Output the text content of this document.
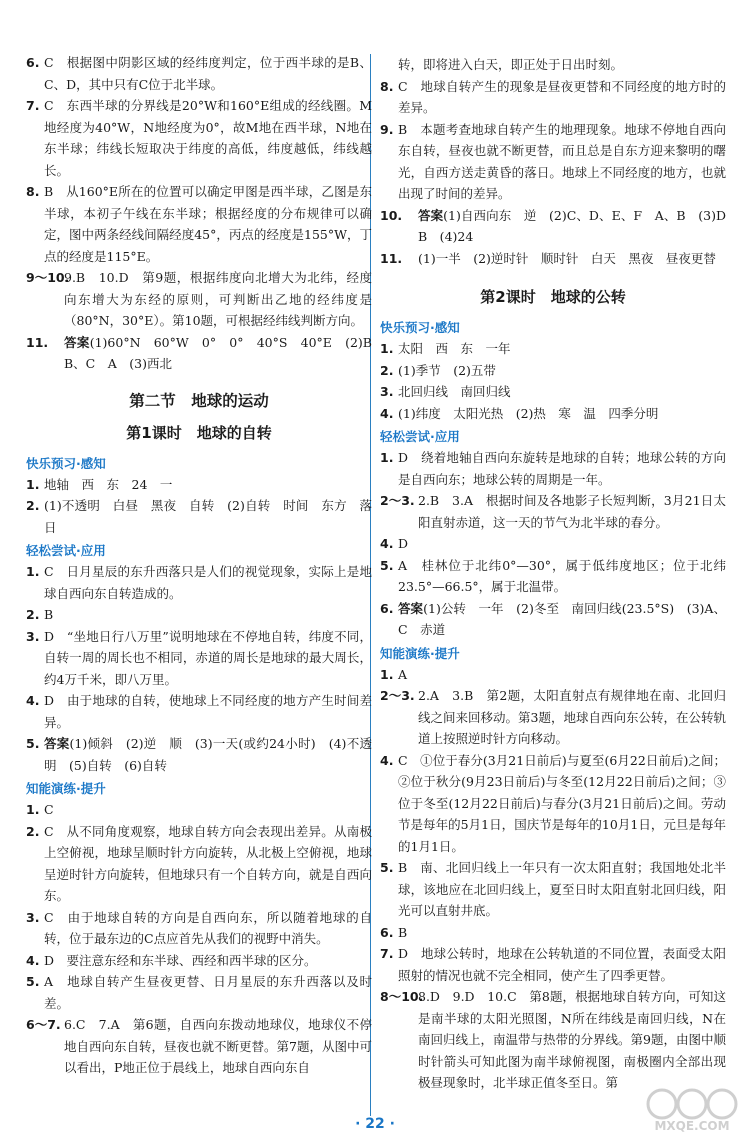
6. C　根据图中阴影区域的经纬度判定，位于西半球的是B、C、D，其中只有C位于北半球。
7. C　东西半球的分界线是20°W和160°E组成的经线圈。M地经度为40°W，N地经度为0°，故M地在西半球，N地在东半球；纬线长短取决于纬度的高低，纬度越低，纬线越长。
8. B　从160°E所在的位置可以确定甲图是西半球，乙图是东半球，本初子午线在东半球；根据经度的分布规律可以确定，图中两条经线间隔经度45°，丙点的经度是155°W，丁点的经度是115°E。
9～10.
9.B　10.D　第9题，根据纬度向北增大为北纬，经度向东增大为东经的原则，可判断出乙地的经纬度是（80°N，30°E）。第10题，可根据经纬线判断方向。
11. 答案(1)60°N　60°W　0°　0°　40°S　40°E　(2)B　B、C　A　(3)西北
第二节　地球的运动
第1课时　地球的自转
快乐预习·感知
1. 地轴　西　东　24　一
2. (1)不透明　白昼　黑夜　自转　(2)自转　时间　东方　落日
轻松尝试·应用
1. C　日月星辰的东升西落只是人们的视觉现象，实际上是地球自西向东自转造成的。
2. B
3. D　“坐地日行八万里”说明地球在不停地自转，纬度不同，自转一周的周长也不相同，赤道的周长是地球的最大周长，约4万千米，即八万里。
4. D　由于地球的自转，使地球上不同经度的地方产生时间差异。
5. 答案(1)倾斜　(2)逆　顺　(3)一天(或约24小时)　(4)不透明　(5)自转　(6)自转
知能演练·提升
1. C
2. C　从不同角度观察，地球自转方向会表现出差异。从南极上空俯视，地球呈顺时针方向旋转，从北极上空俯视，地球呈逆时针方向旋转，但地球只有一个自转方向，就是自西向东。
3. C　由于地球自转的方向是自西向东，所以随着地球的自转，位于最东边的C点应首先从我们的视野中消失。
4. D　要注意东经和东半球、西经和西半球的区分。
5. A　地球自转产生昼夜更替、日月星辰的东升西落以及时差。
6～7. 6.C　7.A　第6题，自西向东拨动地球仪，地球仪不停地自西向东自转，昼夜也就不断更替。第7题，从图中可以看出，P地正位于晨线上，地球自西向东自
转，即将进入白天，即正处于日出时刻。
8. C　地球自转产生的现象是昼夜更替和不同经度的地方时的差异。
9. B　本题考查地球自转产生的地理现象。地球不停地自西向东自转，昼夜也就不断更替，而且总是自东方迎来黎明的曙光，自西方送走黄昏的落日。地球上不同经度的地方，也就出现了时间的差异。
10. 答案(1)自西向东　逆　(2)C、D、E、F　A、B　(3)D　B　(4)24
11. (1)一半　(2)逆时针　顺时针　白天　黑夜　昼夜更替
第2课时　地球的公转
快乐预习·感知
1. 太阳　西　东　一年
2. (1)季节　(2)五带
3. 北回归线　南回归线
4. (1)纬度　太阳光热　(2)热　寒　温　四季分明
轻松尝试·应用
1. D　绕着地轴自西向东旋转是地球的自转；地球公转的方向是自西向东；地球公转的周期是一年。
2～3. 2.B　3.A　根据时间及各地影子长短判断，3月21日太阳直射赤道，这一天的节气为北半球的春分。
4. D
5. A　桂林位于北纬0°—30°，属于低纬度地区；位于北纬23.5°—66.5°，属于北温带。
6. 答案(1)公转　一年　(2)冬至　南回归线(23.5°S)　(3)A、C　赤道
知能演练·提升
1. A
2～3. 2.A　3.B　第2题，太阳直射点有规律地在南、北回归线之间来回移动。第3题，地球自西向东公转，在公转轨道上按照逆时针方向移动。
4. C　①位于春分(3月21日前后)与夏至(6月22日前后)之间；②位于秋分(9月23日前后)与冬至(12月22日前后)之间；③位于冬至(12月22日前后)与春分(3月21日前后)之间。劳动节是每年的5月1日，国庆节是每年的10月1日，元旦是每年的1月1日。
5. B　南、北回归线上一年只有一次太阳直射；我国地处北半球，该地应在北回归线上，夏至日时太阳直射北回归线，阳光可以直射井底。
6. B
7. D　地球公转时，地球在公转轨道的不同位置，表面受太阳照射的情况也就不完全相同，使产生了四季更替。
8～10.
8.D　9.D　10.C　第8题，根据地球自转方向，可知这是南半球的太阳光照图，N所在纬线是南回归线，N在南回归线上，南温带与热带的分界线。第9题，由图中顺时针箭头可知此图为南半球俯视图，南极圈内全部出现极昼现象时，北半球正值冬至日。第
· 22 ·	MXQE.COM
